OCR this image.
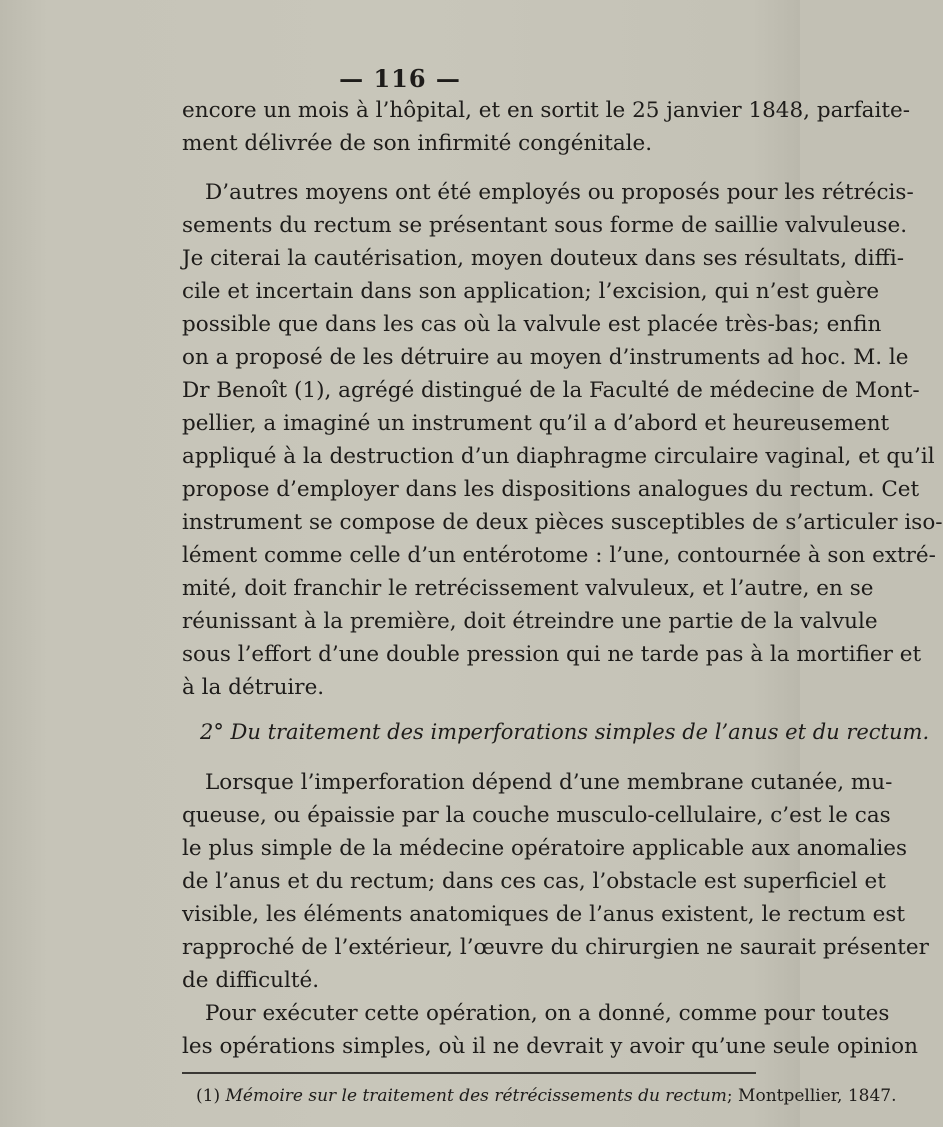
— 116 —
encore un mois à l’hôpital, et en sortit le 25 janvier 1848, parfaite-
ment délivrée de son infirmité congénitale.
D’autres moyens ont été employés ou proposés pour les rétrécis-
sements du rectum se présentant sous forme de saillie valvuleuse.
Je citerai la cautérisation, moyen douteux dans ses résultats, diffi-
cile et incertain dans son application; l’excision, qui n’est guère
possible que dans les cas où la valvule est placée très-bas; enfin
on a proposé de les détruire au moyen d’instruments ad hoc. M. le
Dr Benoît (1), agrégé distingué de la Faculté de médecine de Mont-
pellier, a imaginé un instrument qu’il a d’abord et heureusement
appliqué à la destruction d’un diaphragme circulaire vaginal, et qu’il
propose d’employer dans les dispositions analogues du rectum. Cet
instrument se compose de deux pièces susceptibles de s’articuler iso-
lément comme celle d’un entérotome : l’une, contournée à son extré-
mité, doit franchir le retrécissement valvuleux, et l’autre, en se
réunissant à la première, doit étreindre une partie de la valvule
sous l’effort d’une double pression qui ne tarde pas à la mortifier et
à la détruire.
2° Du traitement des imperforations simples de l’anus et du rectum.
Lorsque l’imperforation dépend d’une membrane cutanée, mu-
queuse, ou épaissie par la couche musculo-cellulaire, c’est le cas
le plus simple de la médecine opératoire applicable aux anomalies
de l’anus et du rectum; dans ces cas, l’obstacle est superficiel et
visible, les éléments anatomiques de l’anus existent, le rectum est
rapproché de l’extérieur, l’œuvre du chirurgien ne saurait présenter
de difficulté.
Pour exécuter cette opération, on a donné, comme pour toutes
les opérations simples, où il ne devrait y avoir qu’une seule opinion
(1) Mémoire sur le traitement des rétrécissements du rectum; Montpellier, 1847.
